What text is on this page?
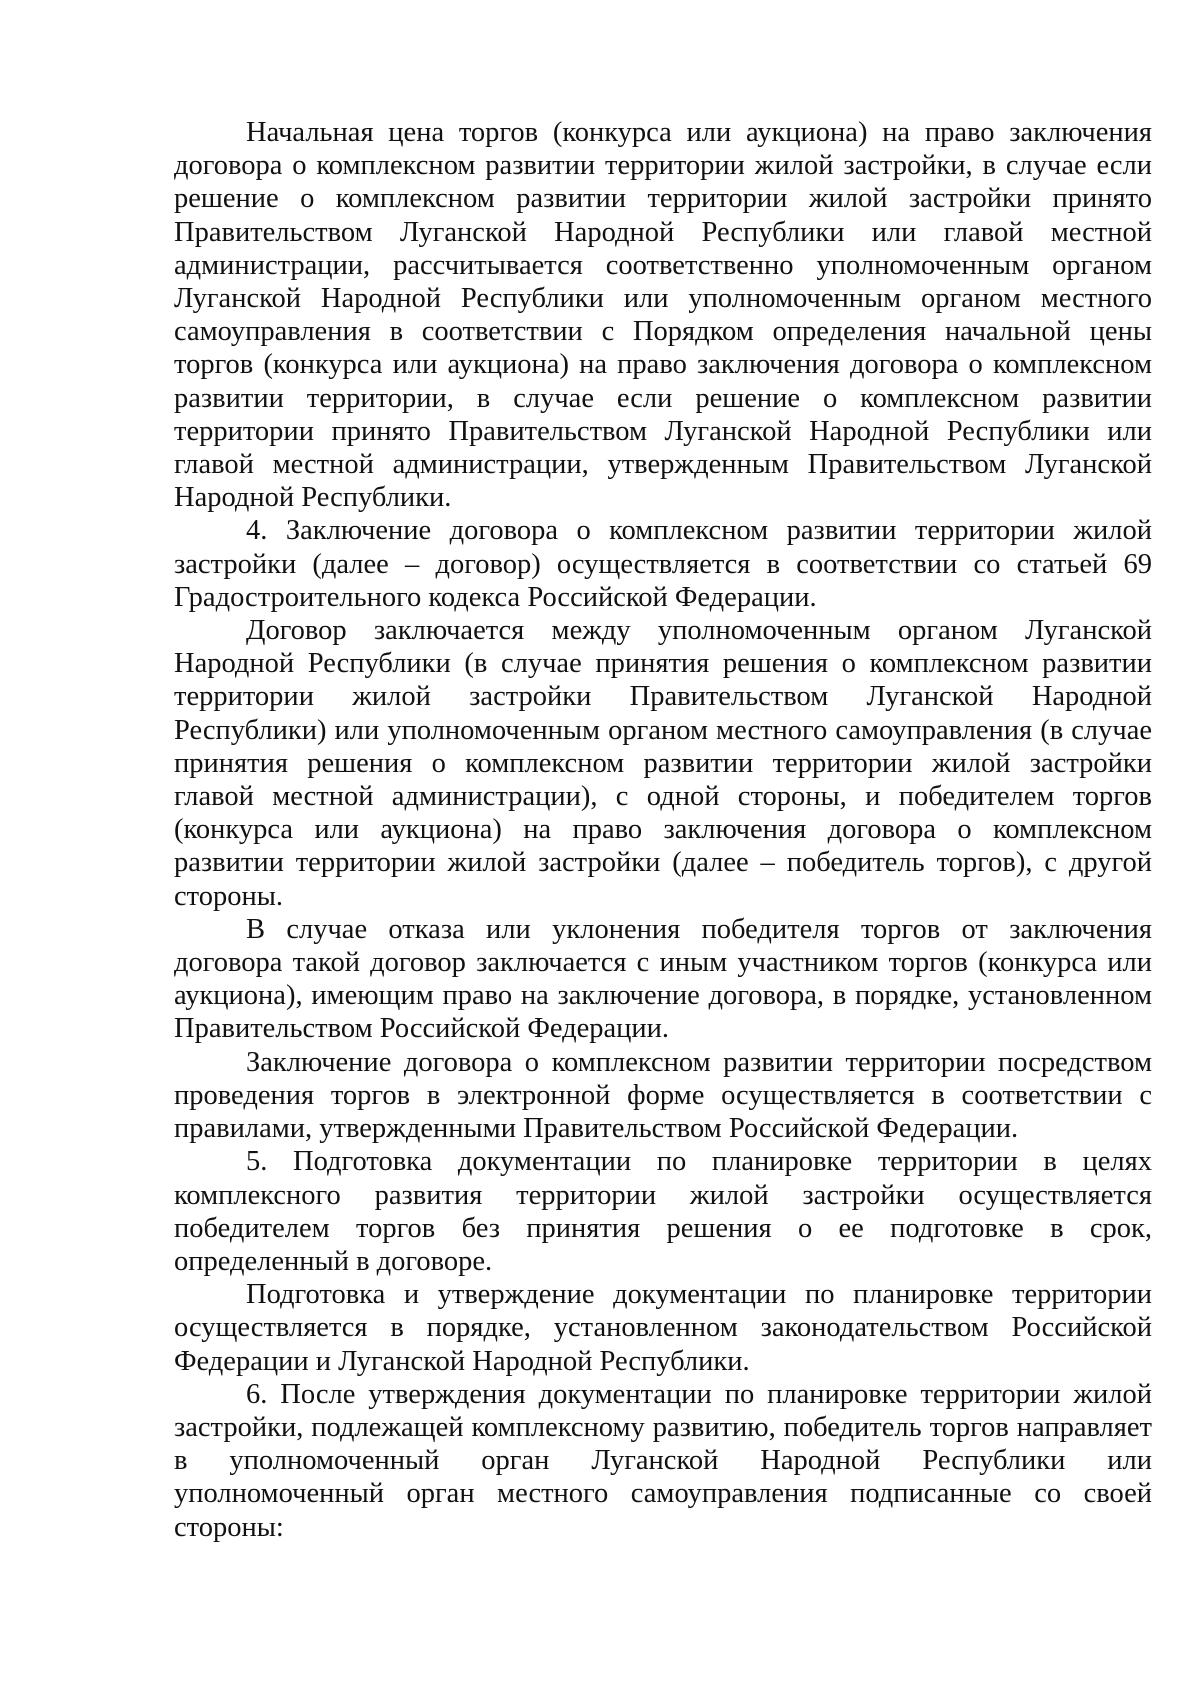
Начальная цена торгов (конкурса или аукциона) на право заключения договора о комплексном развитии территории жилой застройки, в случае если решение о комплексном развитии территории жилой застройки принято Правительством Луганской Народной Республики или главой местной администрации, рассчитывается соответственно уполномоченным органом Луганской Народной Республики или уполномоченным органом местного самоуправления в соответствии с Порядком определения начальной цены торгов (конкурса или аукциона) на право заключения договора о комплексном развитии территории, в случае если решение о комплексном развитии территории принято Правительством Луганской Народной Республики или главой местной администрации, утвержденным Правительством Луганской Народной Республики.

4. Заключение договора о комплексном развитии территории жилой застройки (далее – договор) осуществляется в соответствии со статьей 69 Градостроительного кодекса Российской Федерации.

Договор заключается между уполномоченным органом Луганской Народной Республики (в случае принятия решения о комплексном развитии территории жилой застройки Правительством Луганской Народной Республики) или уполномоченным органом местного самоуправления (в случае принятия решения о комплексном развитии территории жилой застройки главой местной администрации), с одной стороны, и победителем торгов (конкурса или аукциона) на право заключения договора о комплексном развитии территории жилой застройки (далее – победитель торгов), с другой стороны.

В случае отказа или уклонения победителя торгов от заключения договора такой договор заключается с иным участником торгов (конкурса или аукциона), имеющим право на заключение договора, в порядке, установленном Правительством Российской Федерации.

Заключение договора о комплексном развитии территории посредством проведения торгов в электронной форме осуществляется в соответствии с правилами, утвержденными Правительством Российской Федерации.

5. Подготовка документации по планировке территории в целях комплексного развития территории жилой застройки осуществляется победителем торгов без принятия решения о ее подготовке в срок, определенный в договоре.

Подготовка и утверждение документации по планировке территории осуществляется в порядке, установленном законодательством Российской Федерации и Луганской Народной Республики.

6. После утверждения документации по планировке территории жилой застройки, подлежащей комплексному развитию, победитель торгов направляет в уполномоченный орган Луганской Народной Республики или уполномоченный орган местного самоуправления подписанные со своей стороны:
